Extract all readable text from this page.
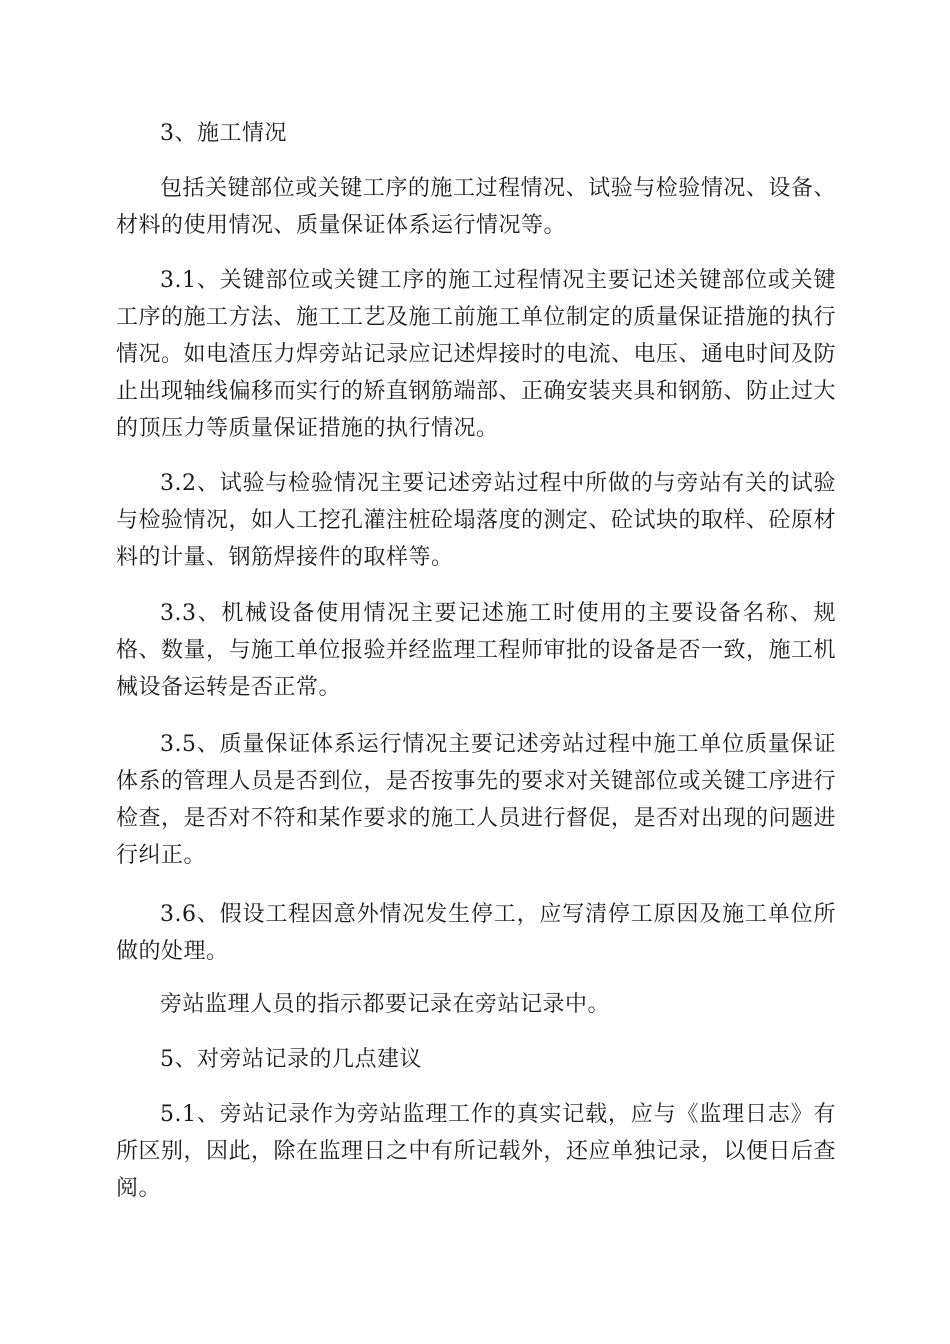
3、施工情况

包括关键部位或关键工序的施工过程情况、试验与检验情况、设备、材料的使用情况、质量保证体系运行情况等。

3.1、关键部位或关键工序的施工过程情况主要记述关键部位或关键工序的施工方法、施工工艺及施工前施工单位制定的质量保证措施的执行情况。如电渣压力焊旁站记录应记述焊接时的电流、电压、通电时间及防止出现轴线偏移而实行的矫直钢筋端部、正确安装夹具和钢筋、防止过大的顶压力等质量保证措施的执行情况。

3.2、试验与检验情况主要记述旁站过程中所做的与旁站有关的试验与检验情况，如人工挖孔灌注桩砼塌落度的测定、砼试块的取样、砼原材料的计量、钢筋焊接件的取样等。

3.3、机械设备使用情况主要记述施工时使用的主要设备名称、规格、数量，与施工单位报验并经监理工程师审批的设备是否一致，施工机械设备运转是否正常。

3.5、质量保证体系运行情况主要记述旁站过程中施工单位质量保证体系的管理人员是否到位，是否按事先的要求对关键部位或关键工序进行检查，是否对不符和某作要求的施工人员进行督促，是否对出现的问题进行纠正。

3.6、假设工程因意外情况发生停工，应写清停工原因及施工单位所做的处理。

旁站监理人员的指示都要记录在旁站记录中。

5、对旁站记录的几点建议

5.1、旁站记录作为旁站监理工作的真实记载，应与《监理日志》有所区别，因此，除在监理日之中有所记载外，还应单独记录，以便日后查阅。
